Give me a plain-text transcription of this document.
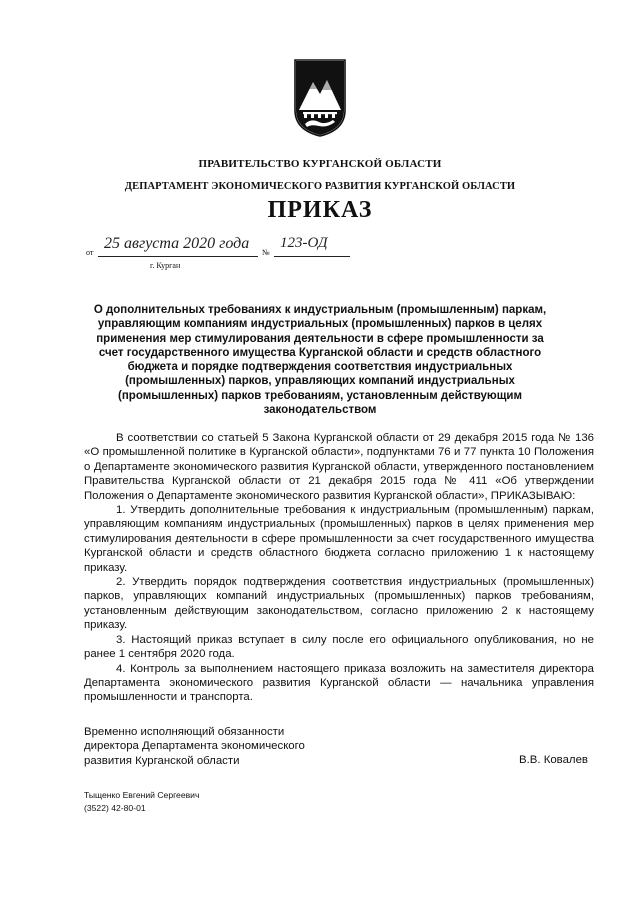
ПРАВИТЕЛЬСТВО КУРГАНСКОЙ ОБЛАСТИ
ДЕПАРТАМЕНТ ЭКОНОМИЧЕСКОГО РАЗВИТИЯ КУРГАНСКОЙ ОБЛАСТИ
ПРИКАЗ
от
25 августа 2020 года
№
123-ОД
г. Курган
О дополнительных требованиях к индустриальным (промышленным) паркам,
управляющим компаниям индустриальных (промышленных) парков в целях
применения мер стимулирования деятельности в сфере промышленности за
счет государственного имущества Курганской области и средств областного
бюджета и порядке подтверждения соответствия индустриальных
(промышленных) парков, управляющих компаний индустриальных
(промышленных) парков требованиям, установленным действующим
законодательством

В соответствии со статьей 5 Закона Курганской области от 29 декабря 2015 года № 136 «О промышленной политике в Курганской области», подпунктами 76 и 77 пункта 10 Положения о Департаменте экономического развития Курганской области, утвержденного постановлением Правительства Курганской области от 21 декабря 2015 года № 411 «Об утверждении Положения о Департаменте экономического развития Курганской области», ПРИКАЗЫВАЮ:

1. Утвердить дополнительные требования к индустриальным (промышленным) паркам, управляющим компаниям индустриальных (промышленных) парков в целях применения мер стимулирования деятельности в сфере промышленности за счет государственного имущества Курганской области и средств областного бюджета согласно приложению 1 к настоящему приказу.

2. Утвердить порядок подтверждения соответствия индустриальных (промышленных) парков, управляющих компаний индустриальных (промышленных) парков требованиям, установленным действующим законодательством, согласно приложению 2 к настоящему приказу.

3. Настоящий приказ вступает в силу после его официального опубликования, но не ранее 1 сентября 2020 года.

4. Контроль за выполнением настоящего приказа возложить на заместителя директора Департамента экономического развития Курганской области — начальника управления промышленности и транспорта.

Временно исполняющий обязанности
директора Департамента экономического
развития Курганской области	В.В. Ковалев
Тыщенко Евгений Сергеевич
(3522) 42-80-01
